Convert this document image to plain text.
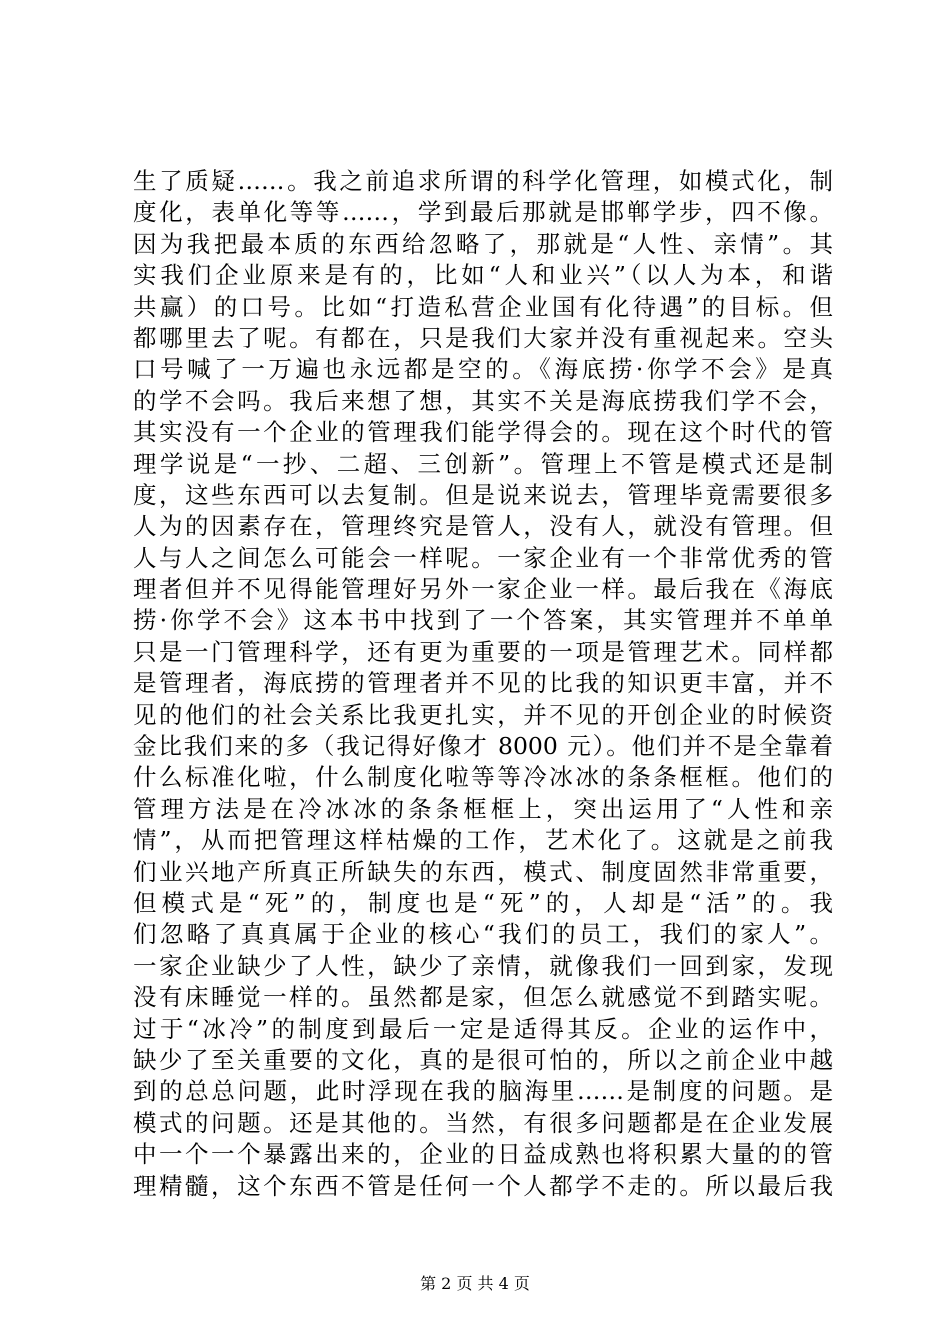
生了质疑……。我之前追求所谓的科学化管理，如模式化，制
度化，表单化等等……，学到最后那就是邯郸学步，四不像。
因为我把最本质的东西给忽略了，那就是“人性、亲情”。其
实我们企业原来是有的，比如“人和业兴”（以人为本，和谐
共赢）的口号。比如“打造私营企业国有化待遇”的目标。但
都哪里去了呢。有都在，只是我们大家并没有重视起来。空头
口号喊了一万遍也永远都是空的。《海底捞·你学不会》是真
的学不会吗。我后来想了想，其实不关是海底捞我们学不会，
其实没有一个企业的管理我们能学得会的。现在这个时代的管
理学说是“一抄、二超、三创新”。管理上不管是模式还是制
度，这些东西可以去复制。但是说来说去，管理毕竟需要很多
人为的因素存在，管理终究是管人，没有人，就没有管理。但
人与人之间怎么可能会一样呢。一家企业有一个非常优秀的管
理者但并不见得能管理好另外一家企业一样。最后我在《海底
捞·你学不会》这本书中找到了一个答案，其实管理并不单单
只是一门管理科学，还有更为重要的一项是管理艺术。同样都
是管理者，海底捞的管理者并不见的比我的知识更丰富，并不
见的他们的社会关系比我更扎实，并不见的开创企业的时候资
金比我们来的多（我记得好像才 8000 元）。他们并不是全靠着
什么标准化啦，什么制度化啦等等冷冰冰的条条框框。他们的
管理方法是在冷冰冰的条条框框上，突出运用了“人性和亲
情”，从而把管理这样枯燥的工作，艺术化了。这就是之前我
们业兴地产所真正所缺失的东西，模式、制度固然非常重要，
但模式是“死”的，制度也是“死”的，人却是“活”的。我
们忽略了真真属于企业的核心“我们的员工，我们的家人”。
一家企业缺少了人性，缺少了亲情，就像我们一回到家，发现
没有床睡觉一样的。虽然都是家，但怎么就感觉不到踏实呢。
过于“冰冷”的制度到最后一定是适得其反。企业的运作中，
缺少了至关重要的文化，真的是很可怕的，所以之前企业中越
到的总总问题，此时浮现在我的脑海里……是制度的问题。是
模式的问题。还是其他的。当然，有很多问题都是在企业发展
中一个一个暴露出来的，企业的日益成熟也将积累大量的的管
理精髓，这个东西不管是任何一个人都学不走的。所以最后我
第 2 页 共 4 页
